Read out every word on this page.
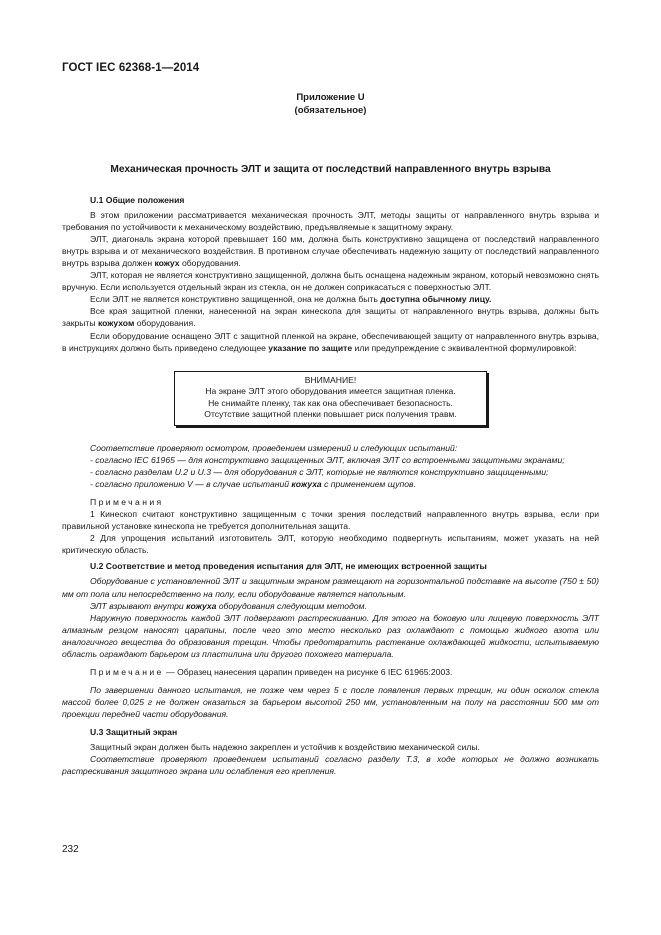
ГОСТ IEC 62368-1—2014
Приложение U
(обязательное)
Механическая прочность ЭЛТ и защита от последствий направленного внутрь взрыва

U.1 Общие положения

В этом приложении рассматривается механическая прочность ЭЛТ, методы защиты от направленного внутрь взрыва и требования по устойчивости к механическому воздействию, предъявляемые к защитному экрану.

ЭЛТ, диагональ экрана которой превышает 160 мм, должна быть конструктивно защищена от последствий направленного внутрь взрыва и от механического воздействия. В противном случае обеспечивать надежную защиту от последствий направленного внутрь взрыва должен кожух оборудования.

ЭЛТ, которая не является конструктивно защищенной, должна быть оснащена надежным экраном, который невозможно снять вручную. Если используется отдельный экран из стекла, он не должен соприкасаться с поверхностью ЭЛТ.

Если ЭЛТ не является конструктивно защищенной, она не должна быть доступна обычному лицу.

Все края защитной пленки, нанесенной на экран кинескопа для защиты от направленного внутрь взрыва, должны быть закрыты кожухом оборудования.

Если оборудование оснащено ЭЛТ с защитной пленкой на экране, обеспечивающей защиту от направленного внутрь взрыва, в инструкциях должно быть приведено следующее указание по защите или предупреждение с эквивалентной формулировкой:

ВНИМАНИЕ!
На экране ЭЛТ этого оборудования имеется защитная пленка.
Не снимайте пленку, так как она обеспечивает безопасность.
Отсутствие защитной пленки повышает риск получения травм.

Соответствие проверяют осмотром, проведением измерений и следующих испытаний:

- согласно IEC 61965 — для конструктивно защищенных ЭЛТ, включая ЭЛТ со встроенными защитными экранами;

- согласно разделам U.2 и U.3 — для оборудования с ЭЛТ, которые не являются конструктивно защищенными;

- согласно приложению V — в случае испытаний кожуха с применением щупов.

Примечания

1 Кинескоп считают конструктивно защищенным с точки зрения последствий направленного внутрь взрыва, если при правильной установке кинескопа не требуется дополнительная защита.

2 Для упрощения испытаний изготовитель ЭЛТ, которую необходимо подвергнуть испытаниям, может указать на ней критическую область.

U.2 Соответствие и метод проведения испытания для ЭЛТ, не имеющих встроенной защиты

Оборудование с установленной ЭЛТ и защитным экраном размещают на горизонтальной подставке на высоте (750 ± 50) мм от пола или непосредственно на полу, если оборудование является напольным.

ЭЛТ взрывают внутри кожуха оборудования следующим методом.

Наружную поверхность каждой ЭЛТ подвергают растрескиванию. Для этого на боковую или лицевую поверхность ЭЛТ алмазным резцом наносят царапины, после чего это место несколько раз охлаждают с помощью жидкого азота или аналогичного вещества до образования трещин. Чтобы предотвратить растекание охлаждающей жидкости, испытываемую область ограждают барьером из пластилина или другого похожего материала.

Примечание — Образец нанесения царапин приведен на рисунке 6 IEC 61965:2003.

По завершении данного испытания, не позже чем через 5 с после появления первых трещин, ни один осколок стекла массой более 0,025 г не должен оказаться за барьером высотой 250 мм, установленным на полу на расстоянии 500 мм от проекции передней части оборудования.

U.3 Защитный экран

Защитный экран должен быть надежно закреплен и устойчив к воздействию механической силы.

Соответствие проверяют проведением испытаний согласно разделу Т.3, в ходе которых не должно возникать растрескивания защитного экрана или ослабления его крепления.

232
